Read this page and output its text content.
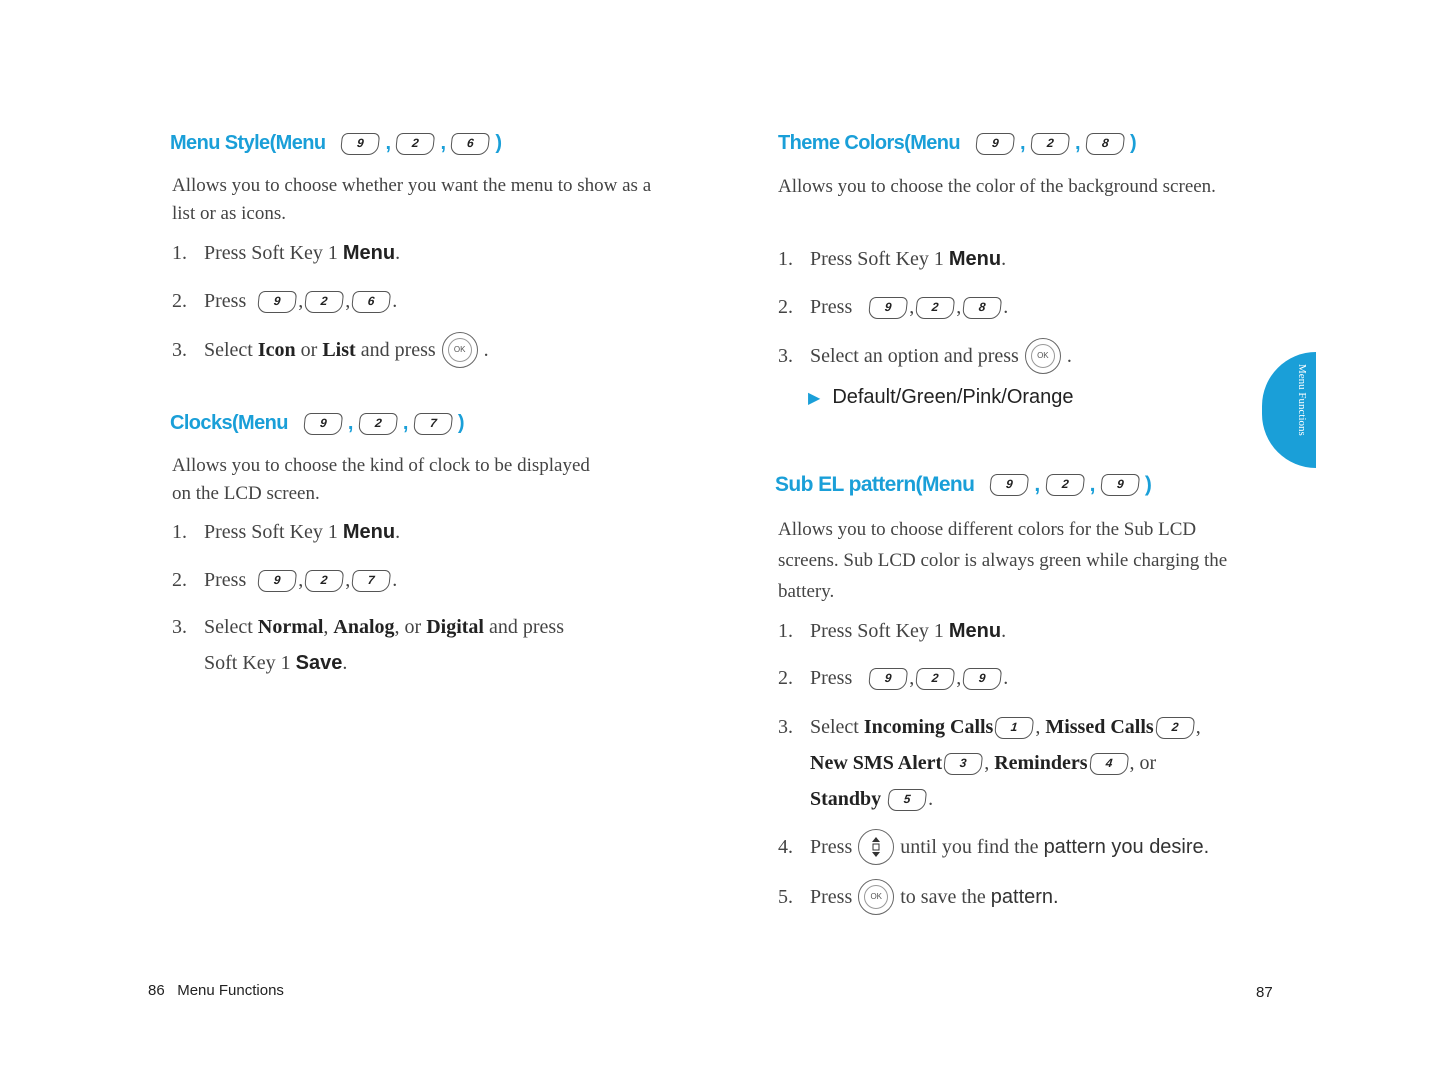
Menu Style(Menu	9	,	2	,	6	)
Allows you to choose whether you want the menu to show as a list or as icons.
1. Press Soft Key 1
Menu .
2. Press
	9 ,	2 ,	6 .
3. Select
Icon
or
List
and press	OK .
Clocks(Menu	9	,	2	,	7	)
Allows you to choose the kind of clock to be displayed on the LCD screen.
1. Press Soft Key 1
Menu .
2. Press
	9 ,	2 ,	7 .
3. Select
Normal ,
Analog , or
Digital
and press
Soft Key 1
Save .
86 Menu Functions
Theme Colors(Menu	9	,	2	,	8	)
Allows you to choose the color of the background screen.
1. Press Soft Key 1
Menu .
2. Press
	9 ,	2 ,	8 .
3. Select an option and press	OK .
▶ Default/Green/Pink/Orange	Menu Functions
Sub EL pattern(Menu	9	,	2	,	9	)
Allows you to choose different colors for the Sub LCD screens. Sub LCD color is always green while charging the battery.
1. Press Soft Key 1
Menu .
2. Press
	9 ,	2 ,	9 .
3. Select
Incoming Calls	1 , Missed Calls	2 ,
New SMS Alert	3 , Reminders	4 , or
Standby
	5 .
4. Press until you find the
pattern you desire.
5. Press	OK to save the
pattern.
87
